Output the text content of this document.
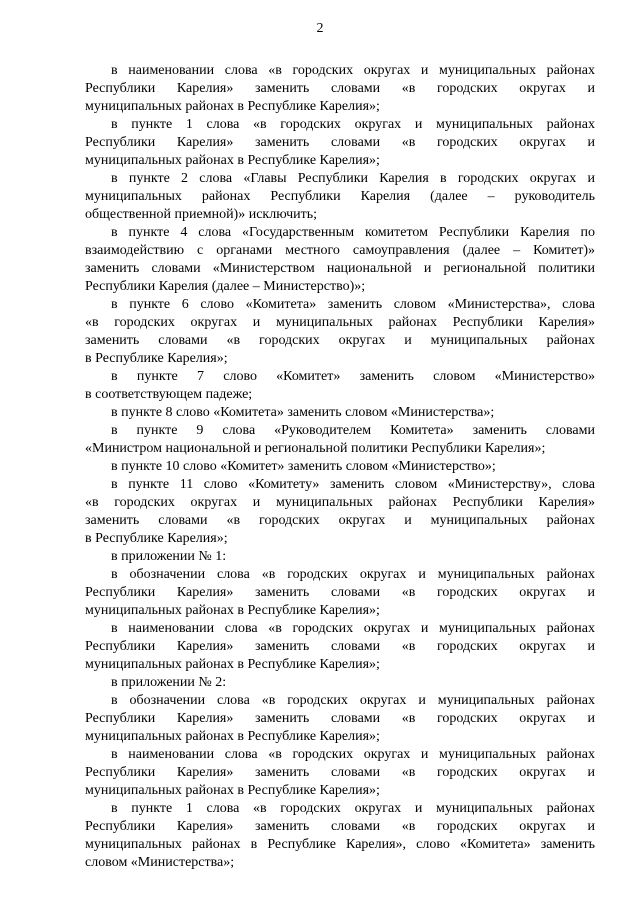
2
в наименовании слова «в городских округах и муниципальных районах
Республики Карелия» заменить словами «в городских округах и
муниципальных районах в Республике Карелия»;
в пункте 1 слова «в городских округах и муниципальных районах
Республики Карелия» заменить словами «в городских округах и
муниципальных районах в Республике Карелия»;
в пункте 2 слова «Главы Республики Карелия в городских округах и
муниципальных районах Республики Карелия (далее – руководитель
общественной приемной)» исключить;
в пункте 4 слова «Государственным комитетом Республики Карелия по
взаимодействию с органами местного самоуправления (далее – Комитет)»
заменить словами «Министерством национальной и региональной политики
Республики Карелия (далее – Министерство)»;
в пункте 6 слово «Комитета» заменить словом «Министерства», слова
«в городских округах и муниципальных районах Республики Карелия»
заменить словами «в городских округах и муниципальных районах
в Республике Карелия»;
в пункте 7 слово «Комитет» заменить словом «Министерство»
в соответствующем падеже;
в пункте 8 слово «Комитета» заменить словом «Министерства»;
в пункте 9 слова «Руководителем Комитета» заменить словами
«Министром национальной и региональной политики Республики Карелия»;
в пункте 10 слово «Комитет» заменить словом «Министерство»;
в пункте 11 слово «Комитету» заменить словом «Министерству», слова
«в городских округах и муниципальных районах Республики Карелия»
заменить словами «в городских округах и муниципальных районах
в Республике Карелия»;
в приложении № 1:
в обозначении слова «в городских округах и муниципальных районах
Республики Карелия» заменить словами «в городских округах и
муниципальных районах в Республике Карелия»;
в наименовании слова «в городских округах и муниципальных районах
Республики Карелия» заменить словами «в городских округах и
муниципальных районах в Республике Карелия»;
в приложении № 2:
в обозначении слова «в городских округах и муниципальных районах
Республики Карелия» заменить словами «в городских округах и
муниципальных районах в Республике Карелия»;
в наименовании слова «в городских округах и муниципальных районах
Республики Карелия» заменить словами «в городских округах и
муниципальных районах в Республике Карелия»;
в пункте 1 слова «в городских округах и муниципальных районах
Республики Карелия» заменить словами «в городских округах и
муниципальных районах в Республике Карелия», слово «Комитета» заменить
словом «Министерства»;
